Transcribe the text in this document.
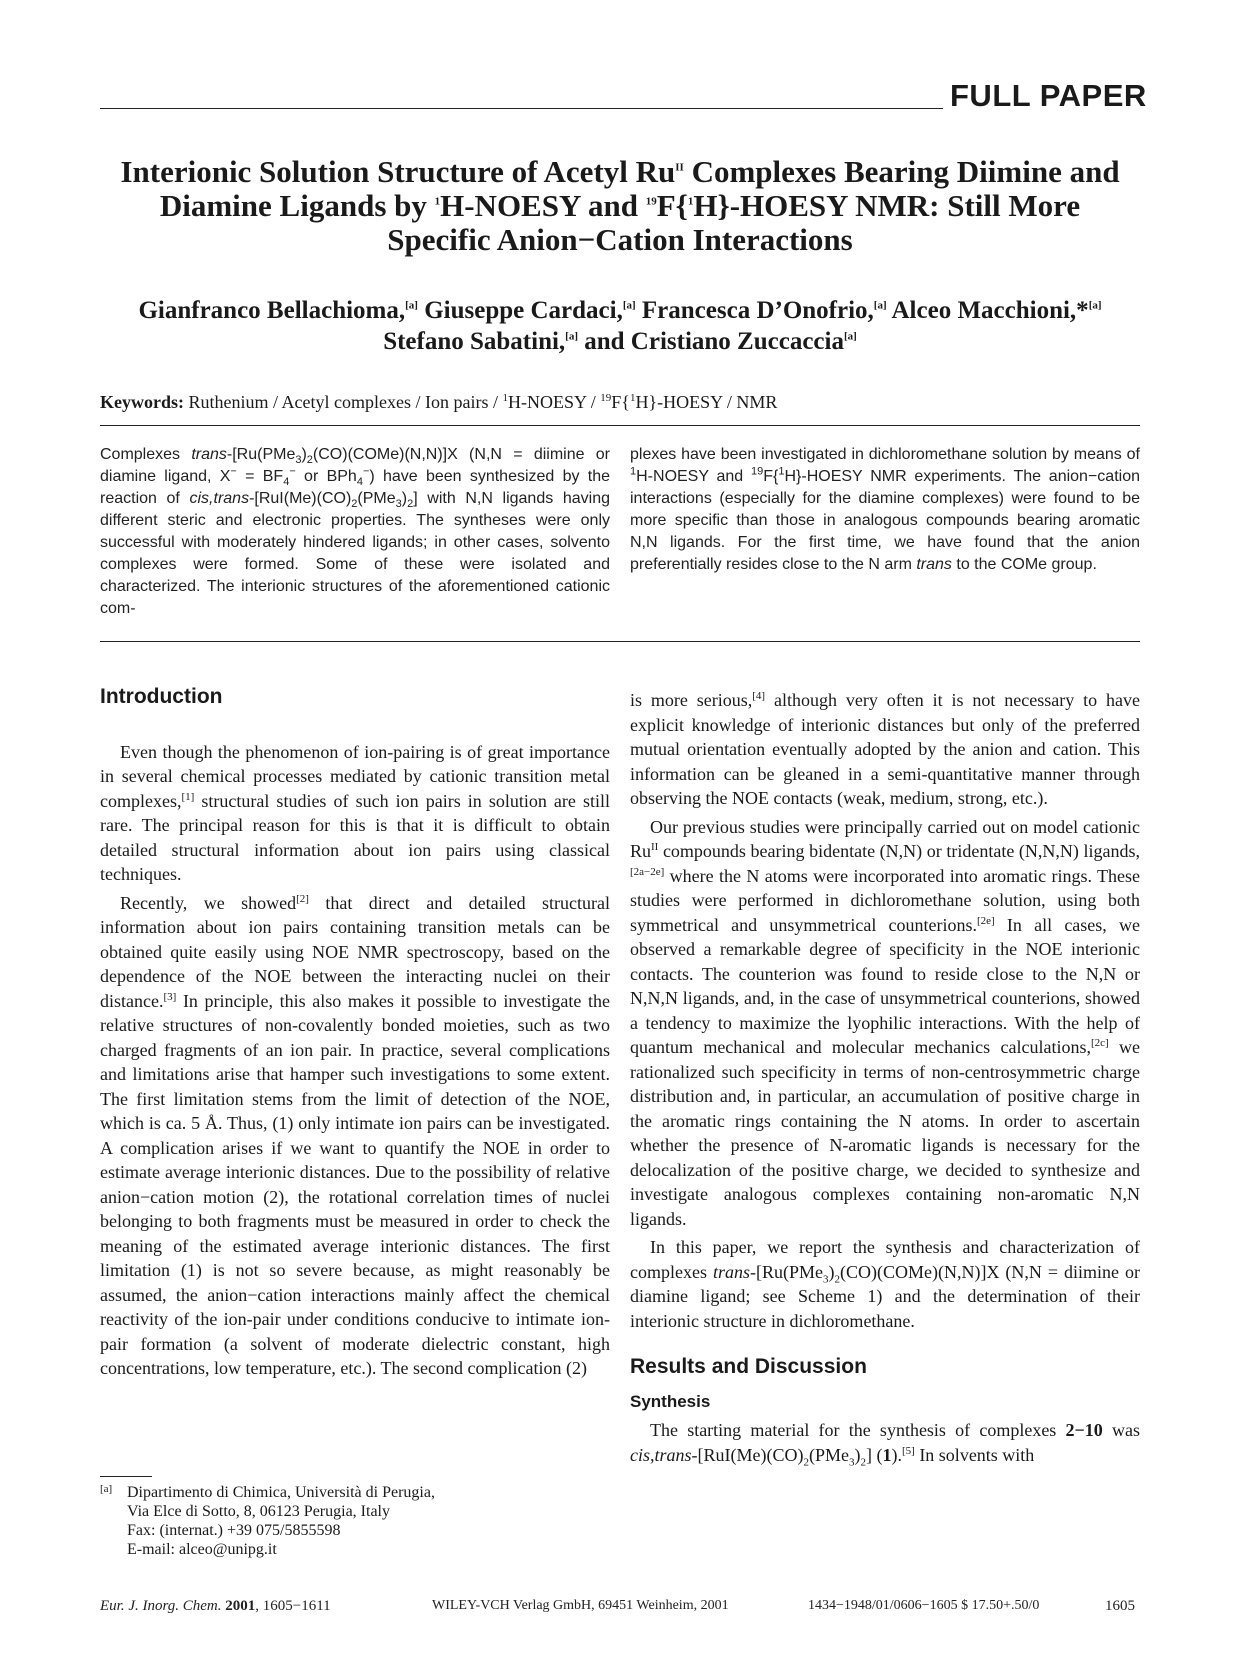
FULL PAPER
Interionic Solution Structure of Acetyl $Ru^{II}$ Complexes Bearing Diimine and
Diamine Ligands by $^1$H-NOESY and $^{19}$F{$^1$H}-HOESY NMR: Still More
Specific Anion−Cation Interactions
Gianfranco Bellachioma,[a] Giuseppe Cardaci,[a] Francesca D’Onofrio,[a] Alceo Macchioni,*[a]
Stefano Sabatini,[a] and Cristiano Zuccaccia[a]
Keywords: Ruthenium / Acetyl complexes / Ion pairs / $^1$H-NOESY / $^{19}$F{$^1$H}-HOESY / NMR
Complexes trans-$[Ru(PMe_3)_2(CO)(COMe)(N,N)]X$ (N,N = diimine or diamine ligand, $X^- = BF_4^-$ or BPh$_4$−) have been synthesized by the reaction of $cis,trans-[RuI(Me)(CO)_2(PMe_3)_2]$ with N,N ligands having different steric and electronic properties. The syntheses were only successful with moderately hindered ligands; in other cases, solvento complexes were formed. Some of these were isolated and characterized. The interionic structures of the aforementioned cationic com-
plexes have been investigated in dichloromethane solution by means of $^1$H-NOESY and $^{19}$F{$^1$H}-HOESY NMR experiments. The anion−cation interactions (especially for the diamine complexes) were found to be more specific than those in analogous compounds bearing aromatic N,N ligands. For the first time, we have found that the anion preferentially resides close to the N arm trans to the COMe group.
Introduction

Even though the phenomenon of ion-pairing is of great importance in several chemical processes mediated by cationic transition metal complexes,[1] structural studies of such ion pairs in solution are still rare. The principal reason for this is that it is difficult to obtain detailed structural information about ion pairs using classical techniques.

Recently, we showed[2] that direct and detailed structural information about ion pairs containing transition metals can be obtained quite easily using NOE NMR spectroscopy, based on the dependence of the NOE between the interacting nuclei on their distance.[3] In principle, this also makes it possible to investigate the relative structures of non-covalently bonded moieties, such as two charged fragments of an ion pair. In practice, several complications and limitations arise that hamper such investigations to some extent. The first limitation stems from the limit of detection of the NOE, which is ca. 5 Å. Thus, (1) only intimate ion pairs can be investigated. A complication arises if we want to quantify the NOE in order to estimate average interionic distances. Due to the possibility of relative anion−cation motion (2), the rotational correlation times of nuclei belonging to both fragments must be measured in order to check the meaning of the estimated average interionic distances. The first limitation (1) is not so severe because, as might reasonably be assumed, the anion−cation interactions mainly affect the chemical reactivity of the ion-pair under conditions conducive to intimate ion-pair formation (a solvent of moderate dielectric constant, high concentrations, low temperature, etc.). The second complication (2)

is more serious,[4] although very often it is not necessary to have explicit knowledge of interionic distances but only of the preferred mutual orientation eventually adopted by the anion and cation. This information can be gleaned in a semi-quantitative manner through observing the NOE contacts (weak, medium, strong, etc.).

Our previous studies were principally carried out on model cationic $Ru^{II}$ compounds bearing bidentate (N,N) or tridentate (N,N,N) ligands,[2a−2e] where the N atoms were incorporated into aromatic rings. These studies were performed in dichloromethane solution, using both symmetrical and unsymmetrical counterions.[2e] In all cases, we observed a remarkable degree of specificity in the NOE interionic contacts. The counterion was found to reside close to the N,N or N,N,N ligands, and, in the case of unsymmetrical counterions, showed a tendency to maximize the lyophilic interactions. With the help of quantum mechanical and molecular mechanics calculations,[2c] we rationalized such specificity in terms of non-centrosymmetric charge distribution and, in particular, an accumulation of positive charge in the aromatic rings containing the N atoms. In order to ascertain whether the presence of N-aromatic ligands is necessary for the delocalization of the positive charge, we decided to synthesize and investigate analogous complexes containing non-aromatic N,N ligands.

In this paper, we report the synthesis and characterization of complexes trans-$[Ru(PMe_3)_2(CO)(COMe)(N,N)]X$ (N,N = diimine or diamine ligand; see Scheme 1) and the determination of their interionic structure in dichloromethane.

Results and Discussion
Synthesis

The starting material for the synthesis of complexes 2−10 was $cis,trans-[RuI(Me)(CO)_2(PMe_3)_2]$ (1).[5] In solvents with

[a] Dipartimento di Chimica, Università di Perugia,
Via Elce di Sotto, 8, 06123 Perugia, Italy
Fax: (internat.) +39 075/5855598
E-mail: alceo@unipg.it
Eur. J. Inorg. Chem. 2001, 1605−1611	WILEY-VCH Verlag GmbH, 69451 Weinheim, 2001	1434−1948/01/0606−1605 $ 17.50+.50/0	1605
